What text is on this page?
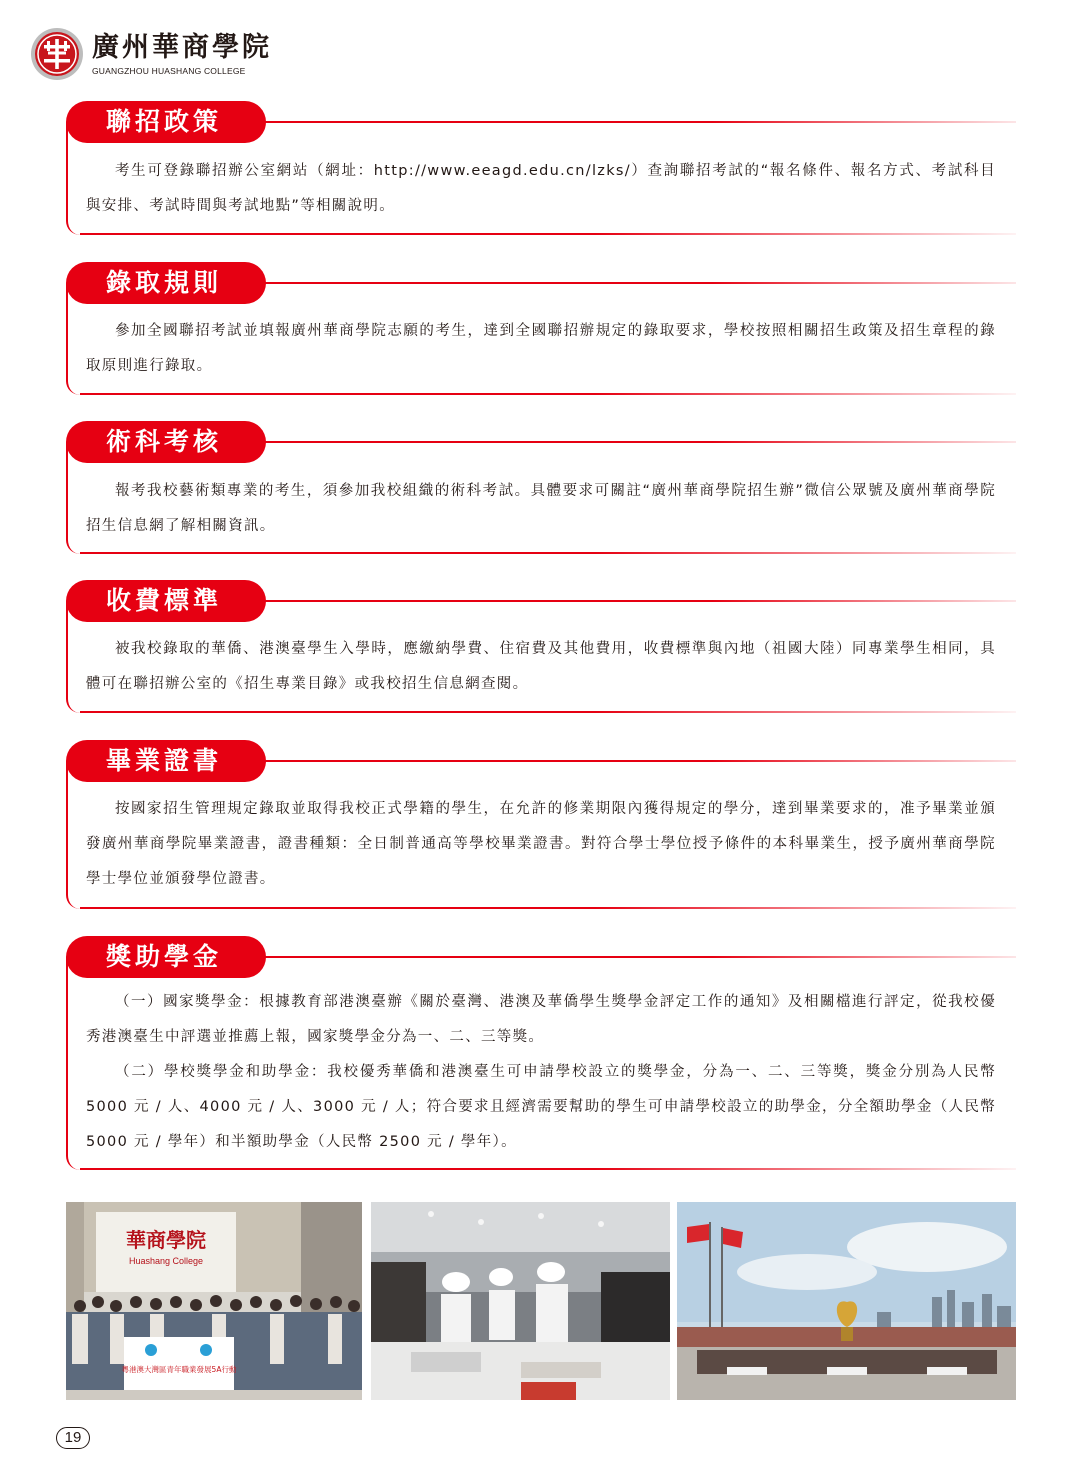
廣州華商學院
GUANGZHOU HUASHANG COLLEGE
聯招政策

考生可登錄聯招辦公室網站（網址：http://www.eeagd.edu.cn/lzks/）查詢聯招考試的“報名條件、報名方式、考試科目與安排、考試時間與考試地點”等相關說明。

錄取規則

參加全國聯招考試並填報廣州華商學院志願的考生，達到全國聯招辦規定的錄取要求，學校按照相關招生政策及招生章程的錄取原則進行錄取。

術科考核

報考我校藝術類專業的考生，須參加我校組織的術科考試。具體要求可關註“廣州華商學院招生辦”微信公眾號及廣州華商學院招生信息網了解相關資訊。

收費標準

被我校錄取的華僑、港澳臺學生入學時，應繳納學費、住宿費及其他費用，收費標準與內地（祖國大陸）同專業學生相同，具體可在聯招辦公室的《招生專業目錄》或我校招生信息網查閱。

畢業證書

按國家招生管理規定錄取並取得我校正式學籍的學生，在允許的修業期限內獲得規定的學分，達到畢業要求的，准予畢業並頒發廣州華商學院畢業證書，證書種類：全日制普通高等學校畢業證書。對符合學士學位授予條件的本科畢業生，授予廣州華商學院學士學位並頒發學位證書。

獎助學金

（一）國家獎學金：根據教育部港澳臺辦《關於臺灣、港澳及華僑學生獎學金評定工作的通知》及相關檔進行評定，從我校優秀港澳臺生中評選並推薦上報，國家獎學金分為一、二、三等獎。

（二）學校獎學金和助學金：我校優秀華僑和港澳臺生可申請學校設立的獎學金，分為一、二、三等獎，獎金分別為人民幣 5000 元 / 人、4000 元 / 人、3000 元 / 人；符合要求且經濟需要幫助的學生可申請學校設立的助學金，分全額助學金（人民幣 5000 元 / 學年）和半額助學金（人民幣 2500 元 / 學年）。

華商學院
Huashang College
粵港澳大灣區青年職業發展5A行動
19
